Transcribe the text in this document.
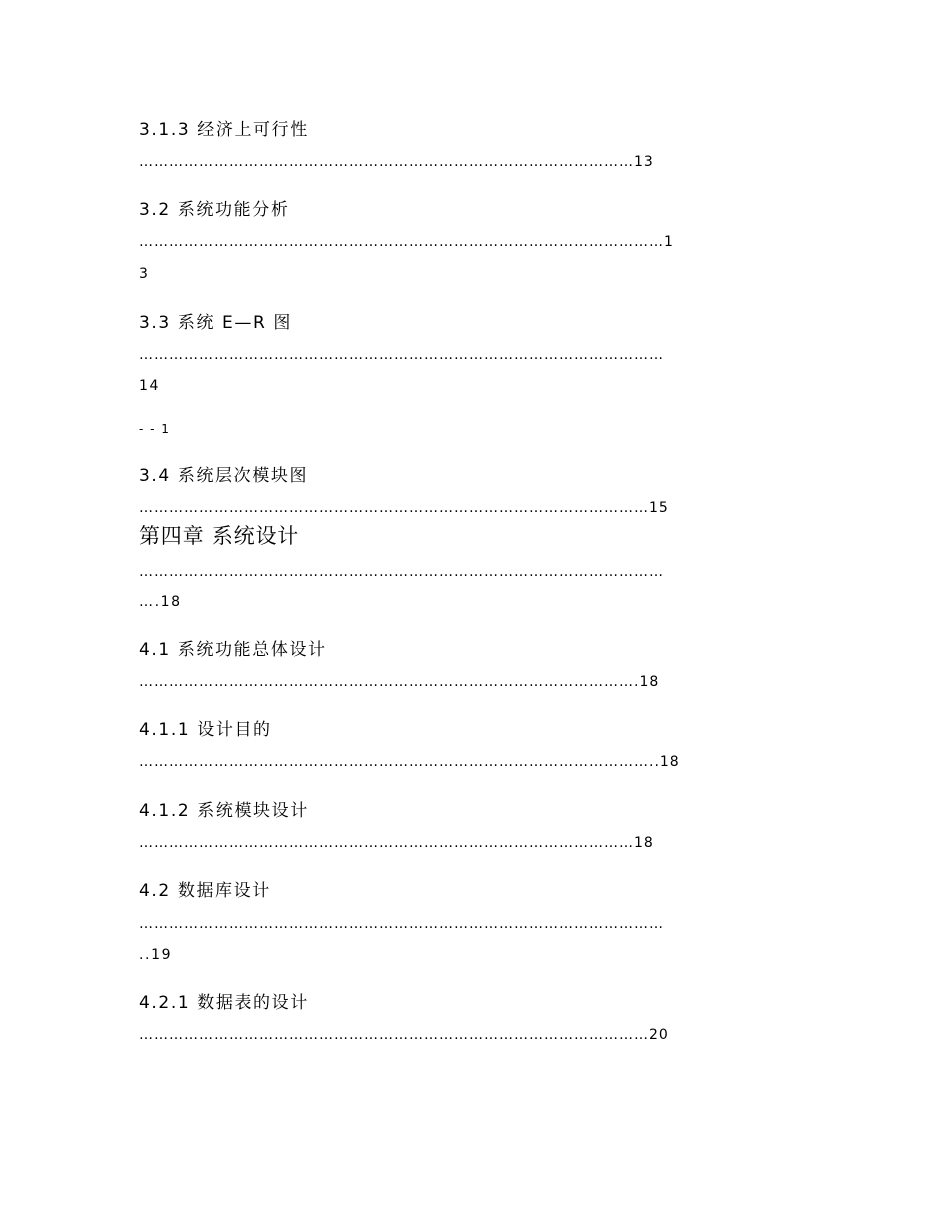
3.1.3 经济上可行性
………………………………………………………………………………………13
3.2 系统功能分析
……………………………………………………………………………………………1
3
3.3 系统 E—R 图
……………………………………………………………………………………………
14
- - 1
3.4 系统层次模块图
…………………………………………………………………………………………15
第四章 系统设计
……………………………………………………………………………………………
….18
4.1 系统功能总体设计
……………………………………………………………………………………….18
4.1.1 设计目的
…………………………………………………………………………………………..18
4.1.2 系统模块设计
………………………………………………………………………………………18
4.2 数据库设计
……………………………………………………………………………………………
..19
4.2.1 数据表的设计
…………………………………………………………………………………………20
